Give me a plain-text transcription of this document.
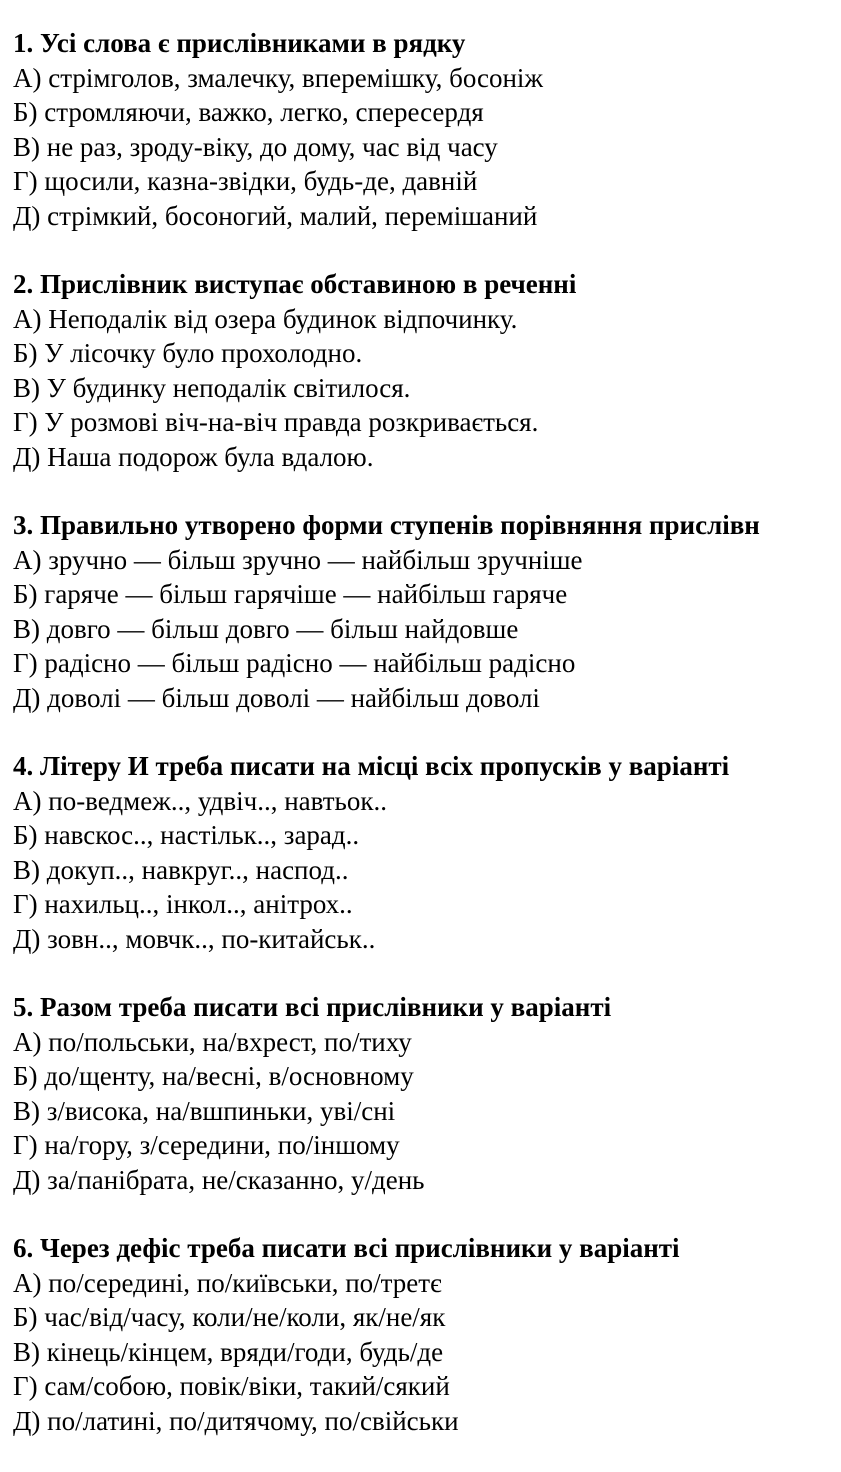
1. Усі слова є прислівниками в рядку
А) стрімголов, змалечку, вперемішку, босоніж
Б) стромляючи, важко, легко, спересердя
В) не раз, зроду-віку, до дому, час від часу
Г) щосили, казна-звідки, будь-де, давній
Д) стрімкий, босоногий, малий, перемішаний
2. Прислівник виступає обставиною в реченні
А) Неподалік від озера будинок відпочинку.
Б) У лісочку було прохолодно.
В) У будинку неподалік світилося.
Г) У розмові віч-на-віч правда розкривається.
Д) Наша подорож була вдалою.
3. Правильно утворено форми ступенів порівняння прислівн
А) зручно — більш зручно — найбільш зручніше
Б) гаряче — більш гарячіше — найбільш гаряче
В) довго — більш довго — більш найдовше
Г) радісно — більш радісно — найбільш радісно
Д) доволі — більш доволі — найбільш доволі
4. Літеру И треба писати на місці всіх пропусків у варіанті
А) по-ведмеж.., удвіч.., навтьок..
Б) навскос.., настільк.., зарад..
В) докуп.., навкруг.., наспод..
Г) нахильц.., інкол.., анітрох..
Д) зовн.., мовчк.., по-китайськ..
5. Разом треба писати всі прислівники у варіанті
А) по/польськи, на/вхрест, по/тиху
Б) до/щенту, на/весні, в/основному
В) з/висока, на/вшпиньки, уві/сні
Г) на/гору, з/середини, по/іншому
Д) за/панібрата, не/сказанно, у/день
6. Через дефіс треба писати всі прислівники у варіанті
А) по/середині, по/київськи, по/третє
Б) час/від/часу, коли/не/коли, як/не/як
В) кінець/кінцем, вряди/годи, будь/де
Г) сам/собою, повік/віки, такий/сякий
Д) по/латині, по/дитячому, по/свійськи
